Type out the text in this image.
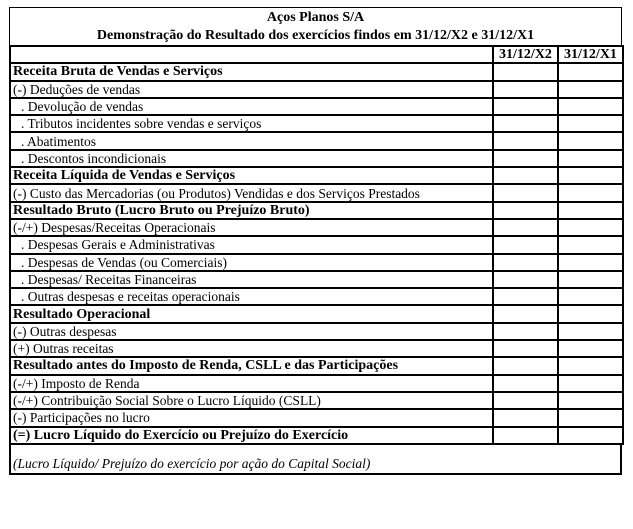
Aços Planos S/A
Demonstração do Resultado dos exercícios findos em 31/12/X2 e 31/12/X1
	31/12/X2	31/12/X1
Receita Bruta de Vendas e Serviços		
(-) Deduções de vendas		
. Devolução de vendas		
. Tributos incidentes sobre vendas e serviços		
. Abatimentos		
. Descontos incondicionais		
Receita Líquida de Vendas e Serviços		
(-) Custo das Mercadorias (ou Produtos) Vendidas e dos Serviços Prestados		
Resultado Bruto (Lucro Bruto ou Prejuízo Bruto)		
(-/+) Despesas/Receitas Operacionais		
. Despesas Gerais e Administrativas		
. Despesas de Vendas (ou Comerciais)		
. Despesas/ Receitas Financeiras		
. Outras despesas e receitas operacionais		
Resultado Operacional		
(-) Outras despesas		
(+) Outras receitas		
Resultado antes do Imposto de Renda, CSLL e das Participações		
(-/+) Imposto de Renda		
(-/+) Contribuição Social Sobre o Lucro Líquido (CSLL)		
(-) Participações no lucro		
(=) Lucro Líquido do Exercício ou Prejuízo do Exercício		
(Lucro Líquido/ Prejuízo do exercício por ação do Capital Social)
